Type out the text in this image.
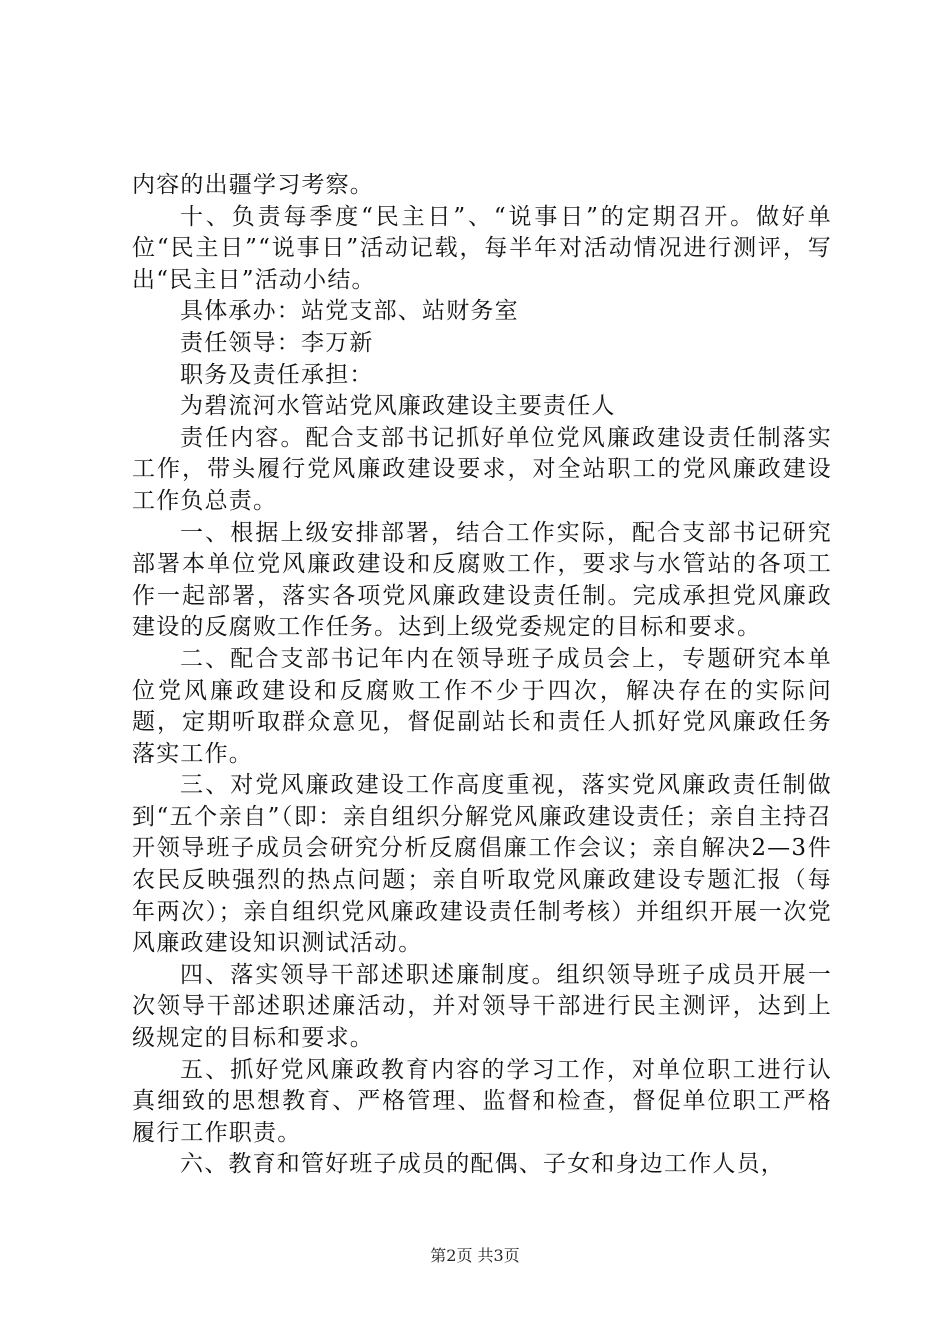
内容的出疆学习考察。

十、负责每季度“民主日”、“说事日”的定期召开。做好单位“民主日”“说事日”活动记载，每半年对活动情况进行测评，写出“民主日”活动小结。

具体承办：站党支部、站财务室

责任领导：李万新

职务及责任承担：

为碧流河水管站党风廉政建设主要责任人

责任内容。配合支部书记抓好单位党风廉政建设责任制落实工作，带头履行党风廉政建设要求，对全站职工的党风廉政建设工作负总责。

一、根据上级安排部署，结合工作实际，配合支部书记研究部署本单位党风廉政建设和反腐败工作，要求与水管站的各项工作一起部署，落实各项党风廉政建设责任制。完成承担党风廉政建设的反腐败工作任务。达到上级党委规定的目标和要求。

二、配合支部书记年内在领导班子成员会上，专题研究本单位党风廉政建设和反腐败工作不少于四次，解决存在的实际问题，定期听取群众意见，督促副站长和责任人抓好党风廉政任务落实工作。

三、对党风廉政建设工作高度重视，落实党风廉政责任制做到“五个亲自”（即：亲自组织分解党风廉政建设责任；亲自主持召开领导班子成员会研究分析反腐倡廉工作会议；亲自解决2—3件农民反映强烈的热点问题；亲自听取党风廉政建设专题汇报（每年两次）；亲自组织党风廉政建设责任制考核）并组织开展一次党风廉政建设知识测试活动。

四、落实领导干部述职述廉制度。组织领导班子成员开展一次领导干部述职述廉活动，并对领导干部进行民主测评，达到上级规定的目标和要求。

五、抓好党风廉政教育内容的学习工作，对单位职工进行认真细致的思想教育、严格管理、监督和检查，督促单位职工严格履行工作职责。

六、教育和管好班子成员的配偶、子女和身边工作人员，

第2页 共3页
